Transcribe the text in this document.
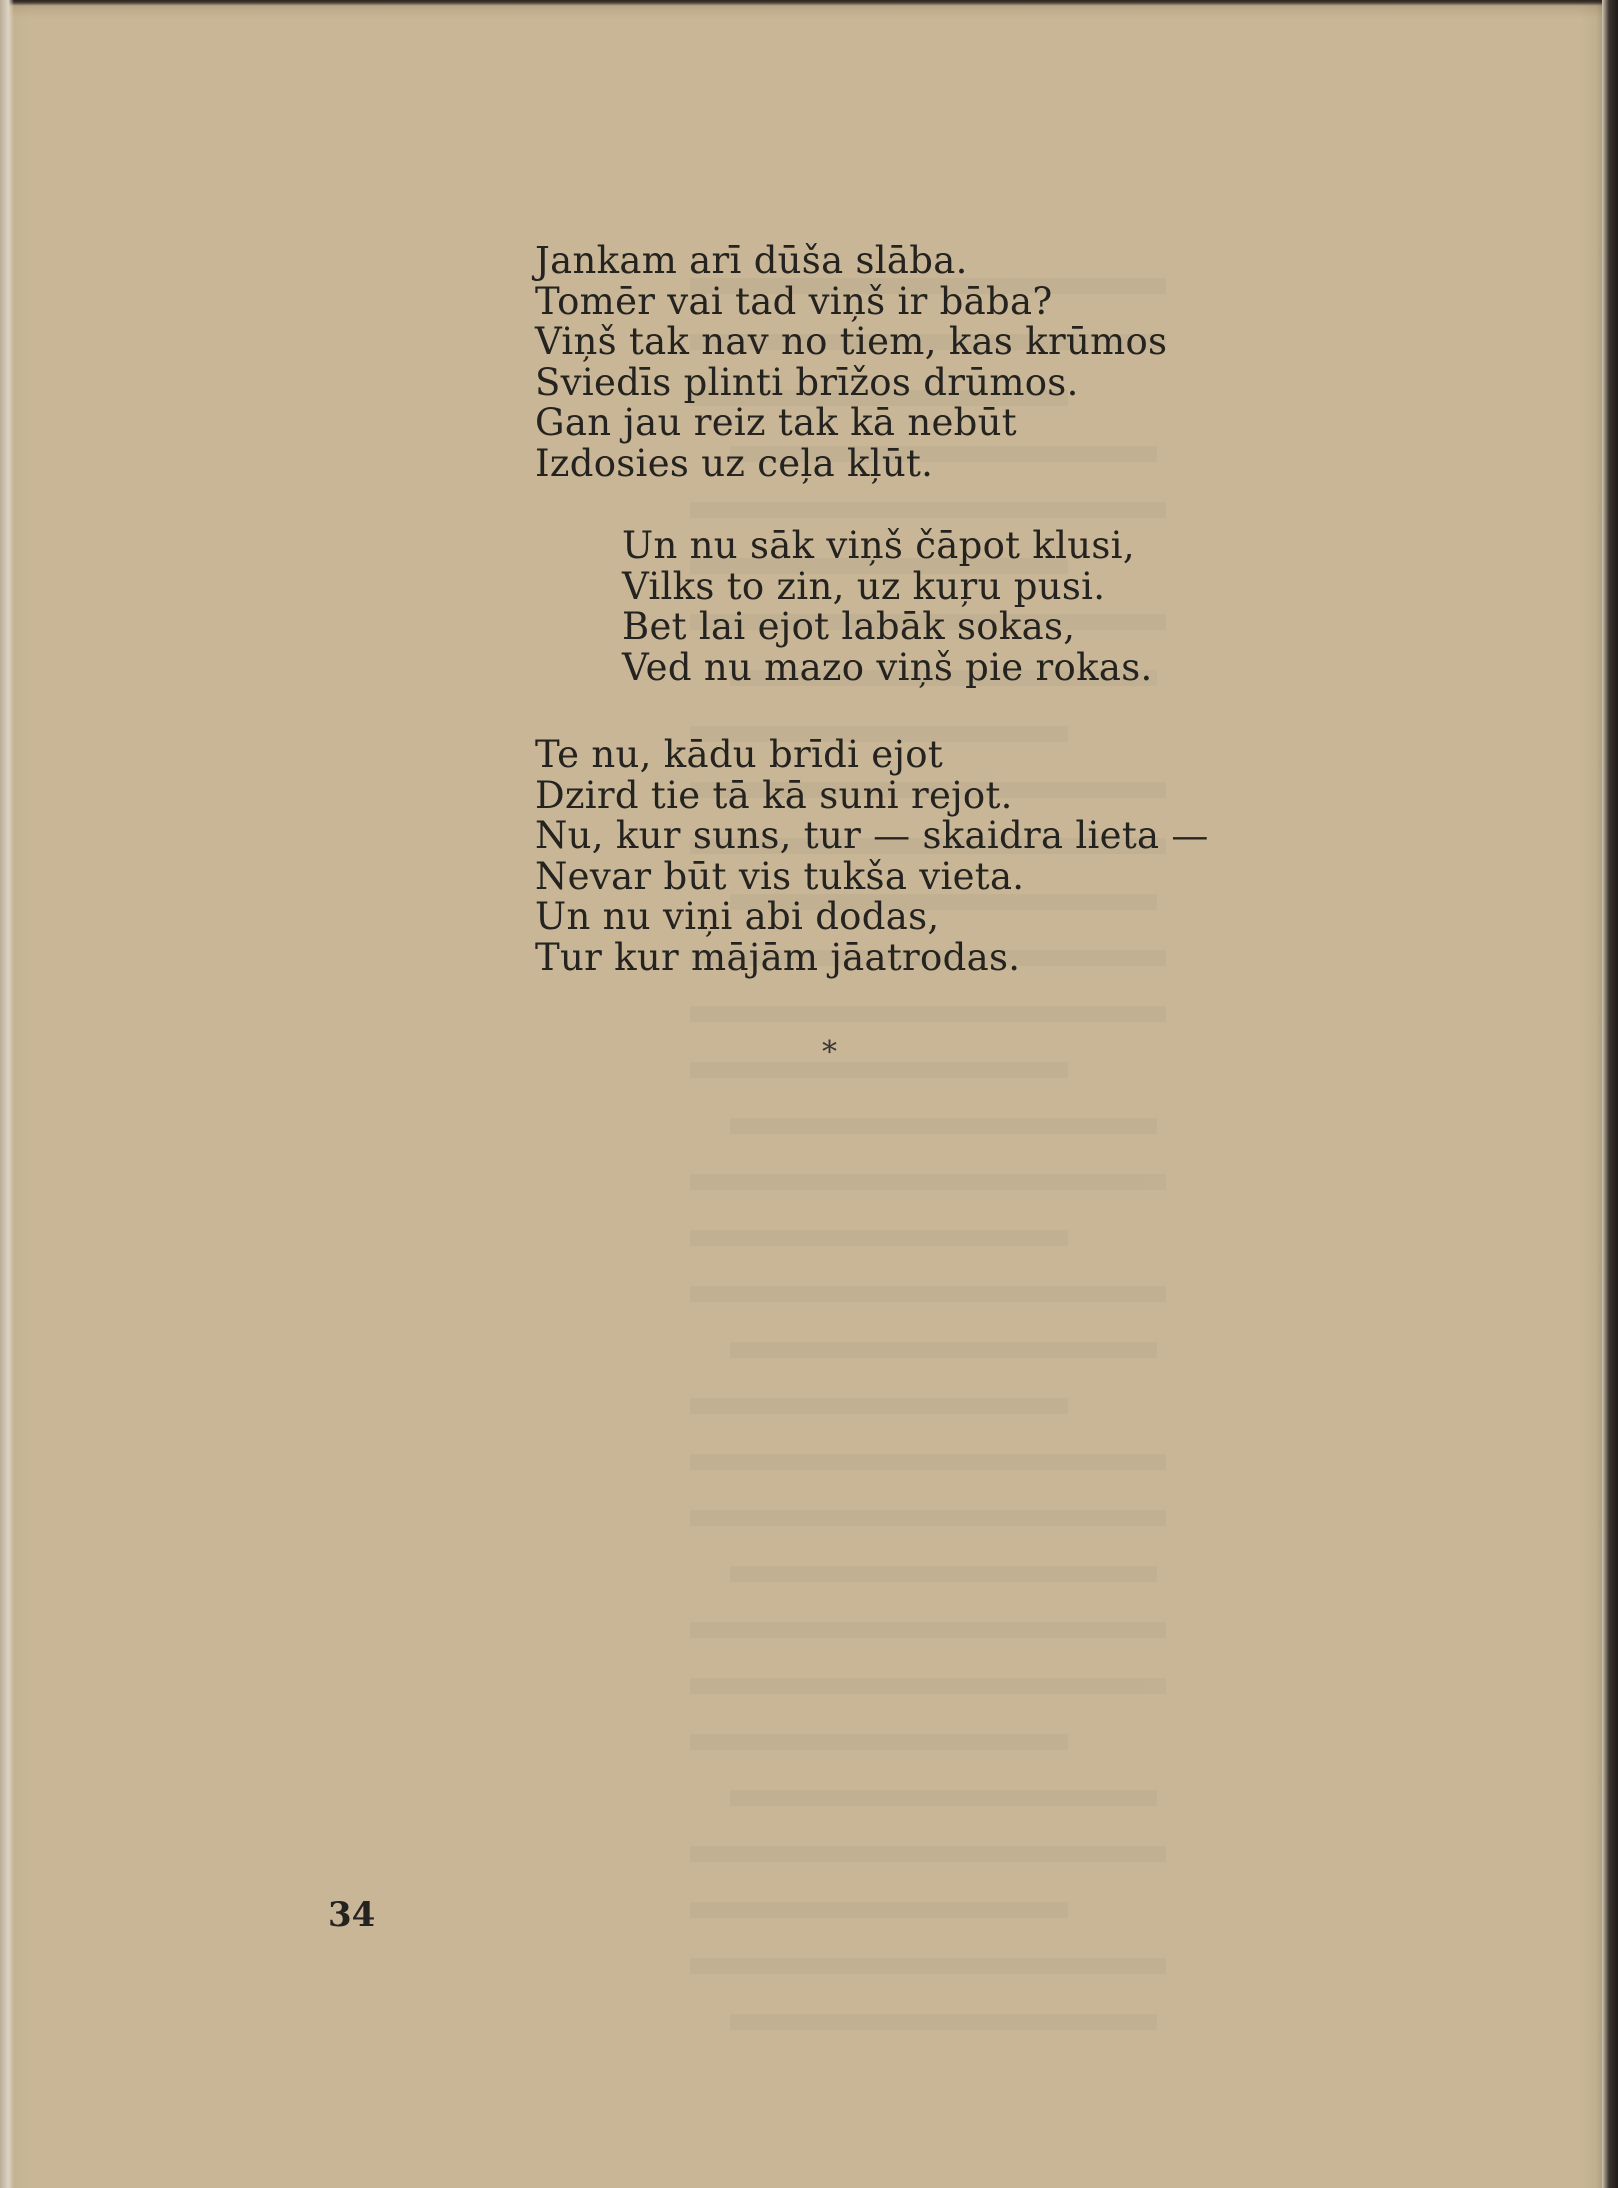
Jankam arī dūša slāba.
Tomēr vai tad viņš ir bāba?
Viņš tak nav no tiem, kas krūmos
Sviedīs plinti brīžos drūmos.
Gan jau reiz tak kā nebūt
Izdosies uz ceļa kļūt.

Un nu sāk viņš čāpot klusi,
Vilks to zin, uz kuŗu pusi.
Bet lai ejot labāk sokas,
Ved nu mazo viņš pie rokas.

Te nu, kādu brīdi ejot
Dzird tie tā kā suni rejot.
Nu, kur suns, tur — skaidra lieta —
Nevar būt vis tukša vieta.
Un nu viņi abi dodas,
Tur kur mājām jāatrodas.

*
34
